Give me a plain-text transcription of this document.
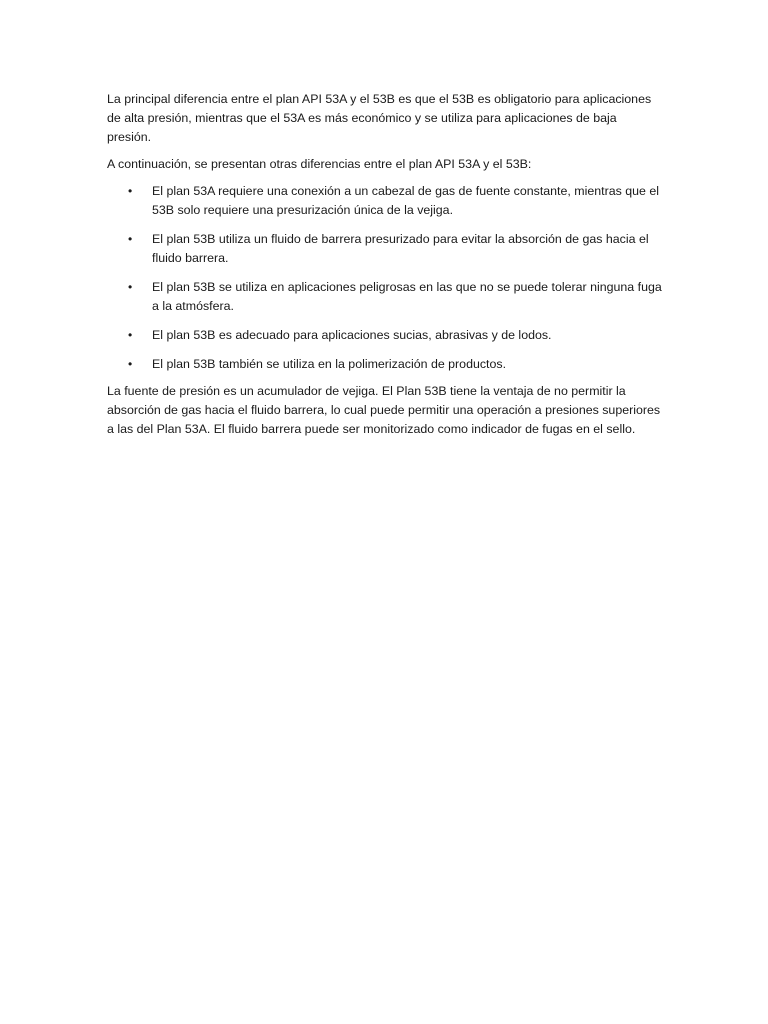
La principal diferencia entre el plan API 53A y el 53B es que el 53B es obligatorio para aplicaciones de alta presión, mientras que el 53A es más económico y se utiliza para aplicaciones de baja presión.

A continuación, se presentan otras diferencias entre el plan API 53A y el 53B:

• El plan 53A requiere una conexión a un cabezal de gas de fuente constante, mientras que el 53B solo requiere una presurización única de la vejiga.
• El plan 53B utiliza un fluido de barrera presurizado para evitar la absorción de gas hacia el fluido barrera.
• El plan 53B se utiliza en aplicaciones peligrosas en las que no se puede tolerar ninguna fuga a la atmósfera.
• El plan 53B es adecuado para aplicaciones sucias, abrasivas y de lodos.
• El plan 53B también se utiliza en la polimerización de productos.

La fuente de presión es un acumulador de vejiga. El Plan 53B tiene la ventaja de no permitir la absorción de gas hacia el fluido barrera, lo cual puede permitir una operación a presiones superiores a las del Plan 53A. El fluido barrera puede ser monitorizado como indicador de fugas en el sello.
